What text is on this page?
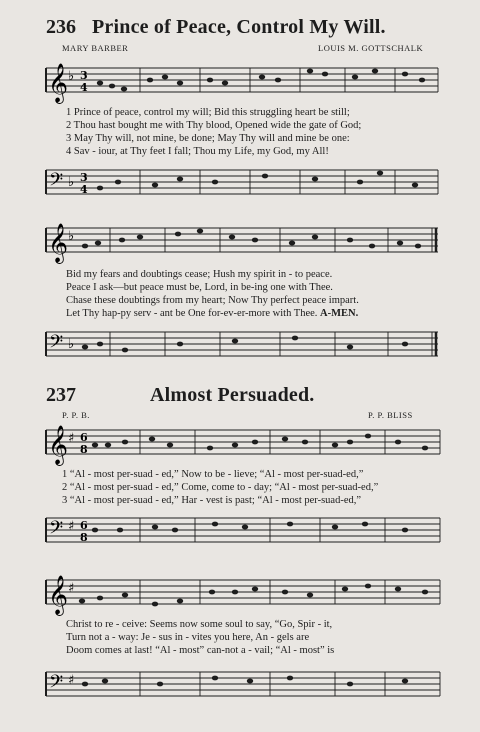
236 Prince of Peace, Control My Will.
MARY BARBER	LOUIS M. GOTTSCHALK
𝄞 ♭ 3
4
1 Prince of peace, control my will; Bid this struggling heart be still;
2 Thou hast bought me with Thy blood, Opened wide the gate of God;
3 May Thy will, not mine, be done; May Thy will and mine be one:
4 Sav - iour, at Thy feet I fall; Thou my Life, my God, my All!
𝄢 ♭ 3
4
𝄞 ♭
Bid my fears and doubtings cease; Hush my spirit in - to peace.
Peace I ask—but peace must be, Lord, in be-ing one with Thee.
Chase these doubtings from my heart; Now Thy perfect peace impart.
Let Thy hap-py serv - ant be One for-ev-er-more with Thee. A-MEN.
𝄢 ♭
237	Almost Persuaded.
P. P. B.	P. P. BLISS
𝄞 ♯ 6
8
1 “Al - most per-suad - ed,” Now to be - lieve; “Al - most per-suad-ed,”
2 “Al - most per-suad - ed,” Come, come to - day; “Al - most per-suad-ed,”
3 “Al - most per-suad - ed,” Har - vest is past; “Al - most per-suad-ed,”
𝄢 ♯ 6
8
𝄞 ♯
Christ to re - ceive: Seems now some soul to say, “Go, Spir - it,
Turn not a - way: Je - sus in - vites you here, An - gels are
Doom comes at last! “Al - most” can-not a - vail; “Al - most” is
𝄢 ♯
